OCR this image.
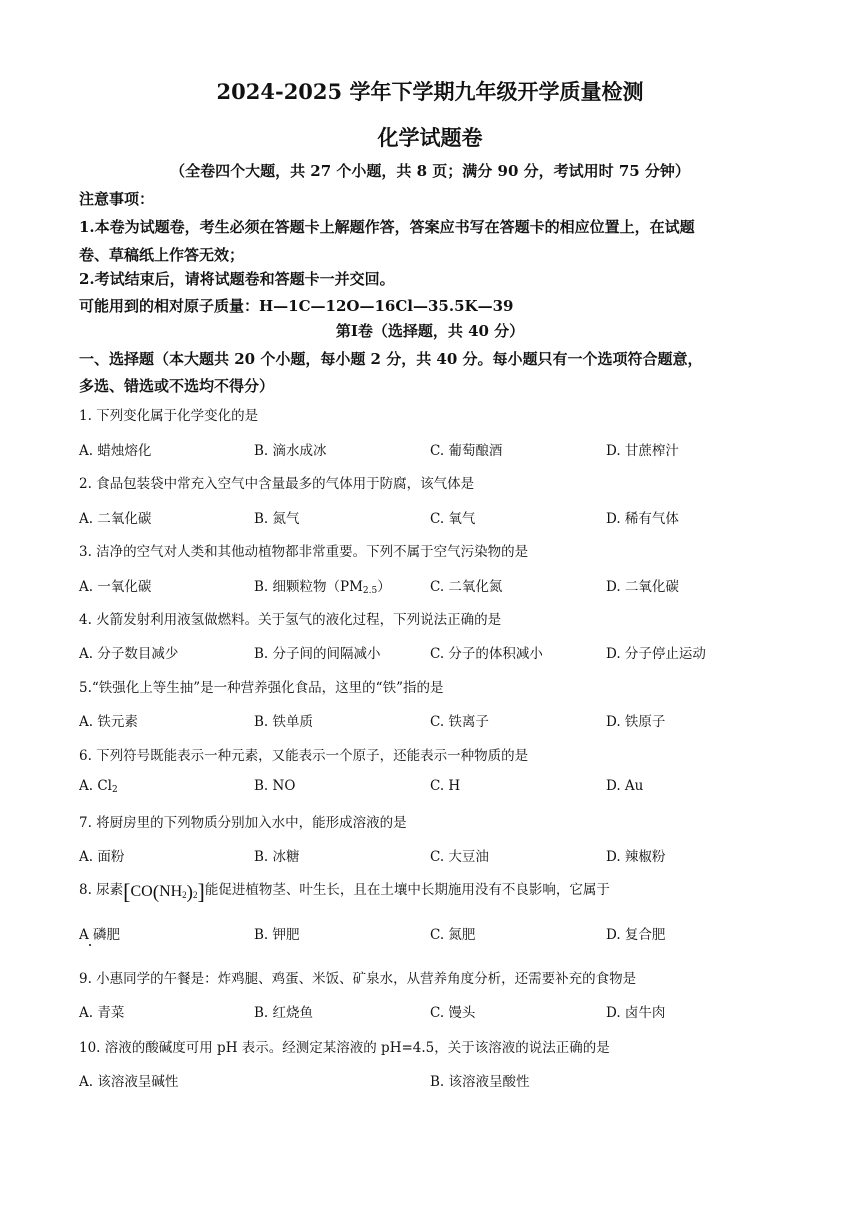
2024-2025 学年下学期九年级开学质量检测
化学试题卷
（全卷四个大题，共 27 个小题，共 8 页；满分 90 分，考试用时 75 分钟）
注意事项：
1.本卷为试题卷，考生必须在答题卡上解题作答，答案应书写在答题卡的相应位置上，在试题
卷、草稿纸上作答无效；
2.考试结束后，请将试题卷和答题卡一并交回。
可能用到的相对原子质量：H—1C—12O—16Cl—35.5K—39
第Ⅰ卷（选择题，共 40 分）
一、选择题（本大题共 20 个小题，每小题 2 分，共 40 分。每小题只有一个选项符合题意，
多选、错选或不选均不得分）
1. 下列变化属于化学变化的是
A. 蜡烛熔化	B. 滴水成冰	C. 葡萄酿酒	D. 甘蔗榨汁
2. 食品包装袋中常充入空气中含量最多的气体用于防腐，该气体是
A. 二氧化碳	B. 氮气	C. 氧气	D. 稀有气体
3. 洁净的空气对人类和其他动植物都非常重要。下列不属于空气污染物的是
A. 一氧化碳	B. 细颗粒物$(PM_{2.5})$	C. 二氧化氮	D. 二氧化碳
4. 火箭发射利用液氢做燃料。关于氢气的液化过程，下列说法正确的是
A. 分子数目减少	B. 分子间的间隔减小	C. 分子的体积减小	D. 分子停止运动
5.“铁强化上等生抽”是一种营养强化食品，这里的“铁”指的是
A. 铁元素	B. 铁单质	C. 铁离子	D. 铁原子
6. 下列符号既能表示一种元素，又能表示一个原子，还能表示一种物质的是
A. $Cl_2$	B. NO	C. H	D. Au
7. 将厨房里的下列物质分别加入水中，能形成溶液的是
A. 面粉	B. 冰糖	C. 大豆油	D. 辣椒粉
8. 尿素$[CO(NH_2)_2]$能促进植物茎、叶生长，且在土壤中长期施用没有不良影响，它属于
A 磷肥	B. 钾肥	C. 氮肥	D. 复合肥
9. 小惠同学的午餐是：炸鸡腿、鸡蛋、米饭、矿泉水，从营养角度分析，还需要补充的食物是
A. 青菜	B. 红烧鱼	C. 馒头	D. 卤牛肉
10. 溶液的酸碱度可用 pH 表示。经测定某溶液的 pH=4.5，关于该溶液的说法正确的是
A. 该溶液呈碱性	B. 该溶液呈酸性
